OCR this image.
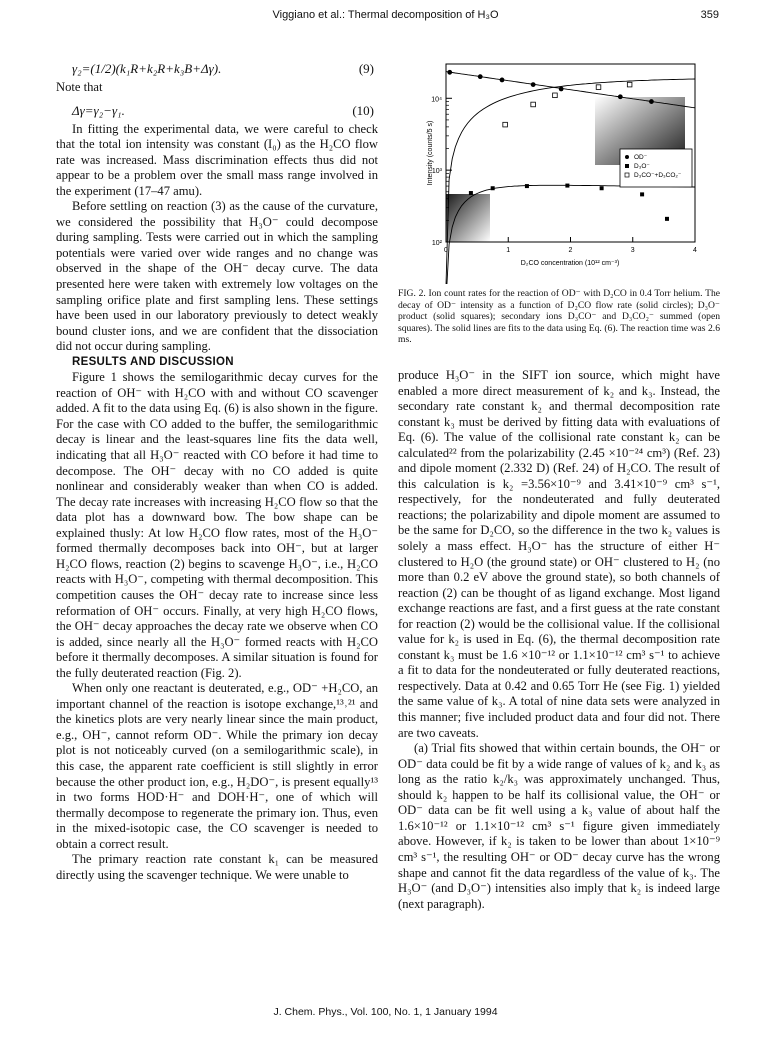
Viggiano et al.: Thermal decomposition of H₃O	359
γ₂=(1/2)(k₁R+k₂R+k₃B+Δγ).	(9)

Note that

Δγ=γ₂−γ₁.	(10)

In fitting the experimental data, we were careful to check that the total ion intensity was constant (I₀) as the H₂CO flow rate was increased. Mass discrimination effects thus did not appear to be a problem over the small mass range involved in the experiment (17–47 amu).

Before settling on reaction (3) as the cause of the curvature, we considered the possibility that H₃O⁻ could decompose during sampling. Tests were carried out in which the sampling potentials were varied over wide ranges and no change was observed in the shape of the OH⁻ decay curve. The data presented here were taken with extremely low voltages on the sampling orifice plate and first sampling lens. These settings have been used in our laboratory previously to detect weakly bound cluster ions, and we are confident that the dissociation did not occur during sampling.

RESULTS AND DISCUSSION

Figure 1 shows the semilogarithmic decay curves for the reaction of OH⁻ with H₂CO with and without CO scavenger added. A fit to the data using Eq. (6) is also shown in the figure. For the case with CO added to the buffer, the semilogarithmic decay is linear and the least-squares line fits the data well, indicating that all H₃O⁻ reacted with CO before it had time to decompose. The OH⁻ decay with no CO added is quite nonlinear and considerably weaker than when CO is added. The decay rate increases with increasing H₂CO flow so that the data plot has a downward bow. The bow shape can be explained thusly: At low H₂CO flow rates, most of the H₃O⁻ formed thermally decomposes back into OH⁻, but at larger H₂CO flows, reaction (2) begins to scavenge H₃O⁻, i.e., H₂CO reacts with H₃O⁻, competing with thermal decomposition. This competition causes the OH⁻ decay rate to increase since less reformation of OH⁻ occurs. Finally, at very high H₂CO flows, the OH⁻ decay approaches the decay rate we observe when CO is added, since nearly all the H₃O⁻ formed reacts with H₂CO before it thermally decomposes. A similar situation is found for the fully deuterated reaction (Fig. 2).

When only one reactant is deuterated, e.g., OD⁻ +H₂CO, an important channel of the reaction is isotope exchange,¹³˒²¹ and the kinetics plots are very nearly linear since the main product, e.g., OH⁻, cannot reform OD⁻. While the primary ion decay plot is not noticeably curved (on a semilogarithmic scale), in this case, the apparent rate coefficient is still slightly in error because the other product ion, e.g., H₂DO⁻, is present equally¹³ in two forms HOD·H⁻ and DOH·H⁻, one of which will thermally decompose to regenerate the primary ion. Thus, even in the mixed-isotopic case, the CO scavenger is needed to obtain a correct result.

The primary reaction rate constant k₁ can be measured directly using the scavenger technique. We were unable to

0	1	2	3	4
10²
10³
10⁴
OD⁻
D₃O⁻
D₃CO⁻+D₃CO₂⁻
Intensity (counts/5 s)
D₂CO concentration (10¹² cm⁻³)
FIG. 2. Ion count rates for the reaction of OD⁻ with D₂CO in 0.4 Torr helium. The decay of OD⁻ intensity as a function of D₂CO flow rate (solid circles); D₃O⁻ product (solid squares); secondary ions D₃CO⁻ and D₃CO₂⁻ summed (open squares). The solid lines are fits to the data using Eq. (6). The reaction time was 2.6 ms.

produce H₃O⁻ in the SIFT ion source, which might have enabled a more direct measurement of k₂ and k₃. Instead, the secondary rate constant k₂ and thermal decomposition rate constant k₃ must be derived by fitting data with evaluations of Eq. (6). The value of the collisional rate constant k₂ can be calculated²² from the polarizability (2.45 ×10⁻²⁴ cm³) (Ref. 23) and dipole moment (2.332 D) (Ref. 24) of H₂CO. The result of this calculation is k₂ =3.56×10⁻⁹ and 3.41×10⁻⁹ cm³ s⁻¹, respectively, for the nondeuterated and fully deuterated reactions; the polarizability and dipole moment are assumed to be the same for D₂CO, so the difference in the two k₂ values is solely a mass effect. H₃O⁻ has the structure of either H⁻ clustered to H₂O (the ground state) or OH⁻ clustered to H₂ (no more than 0.2 eV above the ground state), so both channels of reaction (2) can be thought of as ligand exchange. Most ligand exchange reactions are fast, and a first guess at the rate constant for reaction (2) would be the collisional value. If the collisional value for k₂ is used in Eq. (6), the thermal decomposition rate constant k₃ must be 1.6 ×10⁻¹² or 1.1×10⁻¹² cm³ s⁻¹ to achieve a fit to data for the nondeuterated or fully deuterated reactions, respectively. Data at 0.42 and 0.65 Torr He (see Fig. 1) yielded the same value of k₃. A total of nine data sets were analyzed in this manner; five included product data and four did not. There are two caveats.

(a) Trial fits showed that within certain bounds, the OH⁻ or OD⁻ data could be fit by a wide range of values of k₂ and k₃ as long as the ratio k₂/k₃ was approximately unchanged. Thus, should k₂ happen to be half its collisional value, the OH⁻ or OD⁻ data can be fit well using a k₃ value of about half the 1.6×10⁻¹² or 1.1×10⁻¹² cm³ s⁻¹ figure given immediately above. However, if k₂ is taken to be lower than about 1×10⁻⁹ cm³ s⁻¹, the resulting OH⁻ or OD⁻ decay curve has the wrong shape and cannot fit the data regardless of the value of k₃. The H₃O⁻ (and D₃O⁻) intensities also imply that k₂ is indeed large (next paragraph).

J. Chem. Phys., Vol. 100, No. 1, 1 January 1994
